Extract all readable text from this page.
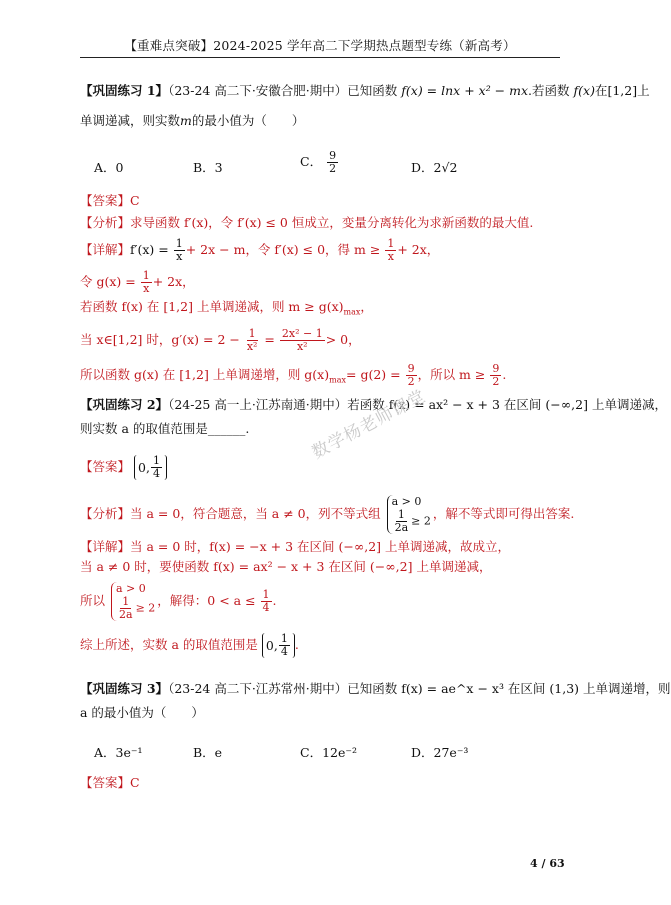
【重难点突破】2024-2025 学年高二下学期热点题型专练（新高考）
【巩固练习 1】（23-24 高二下·安徽合肥·期中）已知函数 f(x) = lnx + x² − mx.若函数 f(x)在[1,2]上
单调递减，则实数m的最小值为（　　）
A．0	B．3	C． $\frac{9}{2}$	D．2√2
【答案】C
【分析】求导函数 f′(x)，令 f′(x) ≤ 0 恒成立，变量分离转化为求新函数的最大值.
【详解】$f'(x) = \frac{1}{x} + 2x - m$，令 f′(x) ≤ 0，得 $m \ge \frac{1}{x} + 2x$，
令 $g(x) = \frac{1}{x} + 2x$，
若函数 f(x) 在 [1,2] 上单调递减，则 $m \ge g(x)_{max}$，
当 x∈[1,2] 时，$g'(x) = 2 - \frac{1}{\text{x²}} = \frac{\text{2x² − 1}}{\text{x²}} > 0$，
所以函数 g(x) 在 [1,2] 上单调递增，则 $g(x)_{max}= g(2) = \frac{9}{2}$ ，所以 $m \ge \frac{9}{2}$ .
【巩固练习 2】（24-25 高一上·江苏南通·期中）若函数 f(x) = ax² − x + 3 在区间 (−∞,2] 上单调递减，
则实数 a 的取值范围是______.
【答案】 0, $\frac{1}{4}$
【分析】当 a = 0，符合题意，当 a ≠ 0，列不等式组
a > 0
$\frac{1}{2a} \ge 2$ ，解不等式即可得出答案.
【详解】当 a = 0 时，f(x) = −x + 3 在区间 (−∞,2] 上单调递减，故成立，
当 a ≠ 0 时，要使函数 f(x) = ax² − x + 3 在区间 (−∞,2] 上单调递减，
所以
a > 0
$\frac{1}{2a} \ge 2$ ，解得：$0 < a \le \frac{1}{4}$ .
综上所述，实数 a 的取值范围是 0, $\frac{1}{4}$ .
【巩固练习 3】（23-24 高二下·江苏常州·期中）已知函数 f(x) = ae^x − x³ 在区间 (1,3) 上单调递增，则
a 的最小值为（　　）
A．3e⁻¹	B．e	C．12e⁻²	D．27e⁻³
【答案】C
数学杨老师课堂
4 / 63
